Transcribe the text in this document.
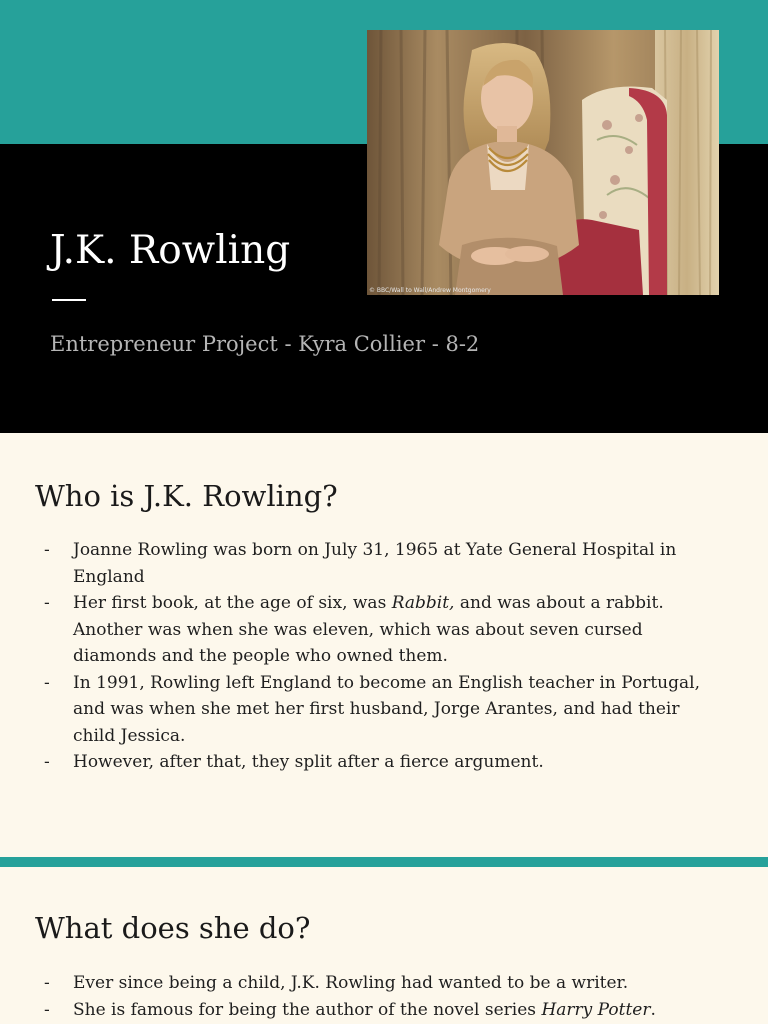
© BBC/Wall to Wall/Andrew Montgomery
J.K. Rowling

Entrepreneur Project - Kyra Collier - 8-2

Who is J.K. Rowling?
- Joanne Rowling was born on July 31, 1965 at Yate General Hospital in England
- Her first book, at the age of six, was Rabbit, and was about a rabbit. Another was when she was eleven, which was about seven cursed diamonds and the people who owned them.
- In 1991, Rowling left England to become an English teacher in Portugal, and was when she met her first husband, Jorge Arantes, and had their child Jessica.
- However, after that, they split after a fierce argument.
What does she do?
- Ever since being a child, J.K. Rowling had wanted to be a writer.
- She is famous for being the author of the novel series Harry Potter.
